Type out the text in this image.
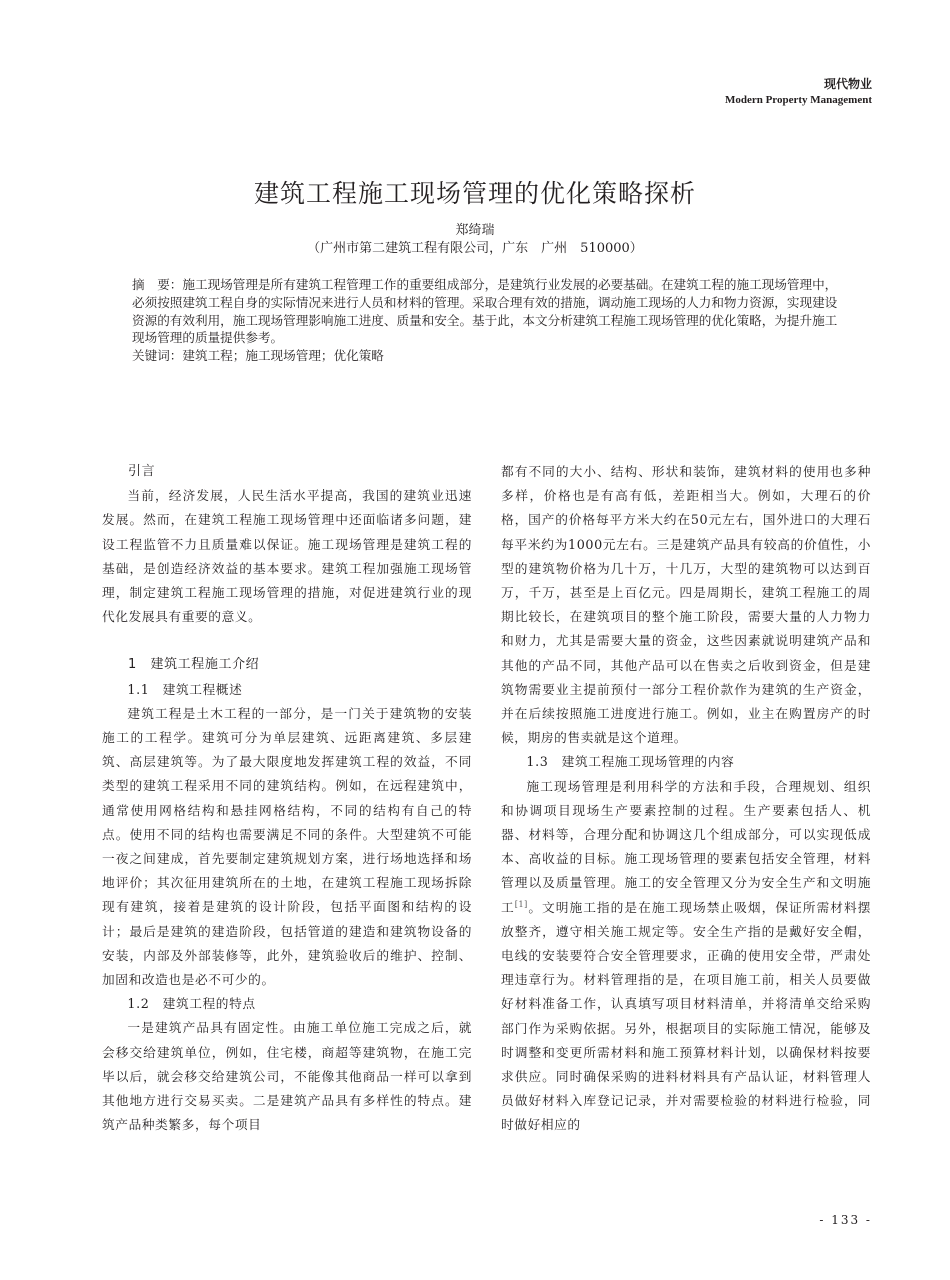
现代物业
Modern Property Management
建筑工程施工现场管理的优化策略探析
郑绮瑞
（广州市第二建筑工程有限公司，广东　广州　510000）

摘　要：施工现场管理是所有建筑工程管理工作的重要组成部分，是建筑行业发展的必要基础。在建筑工程的施工现场管理中，必须按照建筑工程自身的实际情况来进行人员和材料的管理。采取合理有效的措施，调动施工现场的人力和物力资源，实现建设资源的有效利用，施工现场管理影响施工进度、质量和安全。基于此，本文分析建筑工程施工现场管理的优化策略，为提升施工现场管理的质量提供参考。

关键词：建筑工程；施工现场管理；优化策略

引言

当前，经济发展，人民生活水平提高，我国的建筑业迅速发展。然而，在建筑工程施工现场管理中还面临诸多问题，建设工程监管不力且质量难以保证。施工现场管理是建筑工程的基础，是创造经济效益的基本要求。建筑工程加强施工现场管理，制定建筑工程施工现场管理的措施，对促进建筑行业的现代化发展具有重要的意义。

1　建筑工程施工介绍
1.1　建筑工程概述

建筑工程是土木工程的一部分，是一门关于建筑物的安装施工的工程学。建筑可分为单层建筑、远距离建筑、多层建筑、高层建筑等。为了最大限度地发挥建筑工程的效益，不同类型的建筑工程采用不同的建筑结构。例如，在远程建筑中，通常使用网格结构和悬挂网格结构，不同的结构有自己的特点。使用不同的结构也需要满足不同的条件。大型建筑不可能一夜之间建成，首先要制定建筑规划方案，进行场地选择和场地评价；其次征用建筑所在的土地，在建筑工程施工现场拆除现有建筑，接着是建筑的设计阶段，包括平面图和结构的设计；最后是建筑的建造阶段，包括管道的建造和建筑物设备的安装，内部及外部装修等，此外，建筑验收后的维护、控制、加固和改造也是必不可少的。

1.2　建筑工程的特点

一是建筑产品具有固定性。由施工单位施工完成之后，就会移交给建筑单位，例如，住宅楼，商超等建筑物，在施工完毕以后，就会移交给建筑公司，不能像其他商品一样可以拿到其他地方进行交易买卖。二是建筑产品具有多样性的特点。建筑产品种类繁多，每个项目

都有不同的大小、结构、形状和装饰，建筑材料的使用也多种多样，价格也是有高有低，差距相当大。例如，大理石的价格，国产的价格每平方米大约在50元左右，国外进口的大理石每平米约为1000元左右。三是建筑产品具有较高的价值性，小型的建筑物价格为几十万，十几万，大型的建筑物可以达到百万，千万，甚至是上百亿元。四是周期长，建筑工程施工的周期比较长，在建筑项目的整个施工阶段，需要大量的人力物力和财力，尤其是需要大量的资金，这些因素就说明建筑产品和其他的产品不同，其他产品可以在售卖之后收到资金，但是建筑物需要业主提前预付一部分工程价款作为建筑的生产资金，并在后续按照施工进度进行施工。例如，业主在购置房产的时候，期房的售卖就是这个道理。

1.3　建筑工程施工现场管理的内容

施工现场管理是利用科学的方法和手段，合理规划、组织和协调项目现场生产要素控制的过程。生产要素包括人、机器、材料等，合理分配和协调这几个组成部分，可以实现低成本、高收益的目标。施工现场管理的要素包括安全管理，材料管理以及质量管理。施工的安全管理又分为安全生产和文明施工[1]。文明施工指的是在施工现场禁止吸烟，保证所需材料摆放整齐，遵守相关施工规定等。安全生产指的是戴好安全帽，电线的安装要符合安全管理要求，正确的使用安全带，严肃处理违章行为。材料管理指的是，在项目施工前，相关人员要做好材料准备工作，认真填写项目材料清单，并将清单交给采购部门作为采购依据。另外，根据项目的实际施工情况，能够及时调整和变更所需材料和施工预算材料计划，以确保材料按要求供应。同时确保采购的进料材料具有产品认证，材料管理人员做好材料入库登记记录，并对需要检验的材料进行检验，同时做好相应的

- 133 -
